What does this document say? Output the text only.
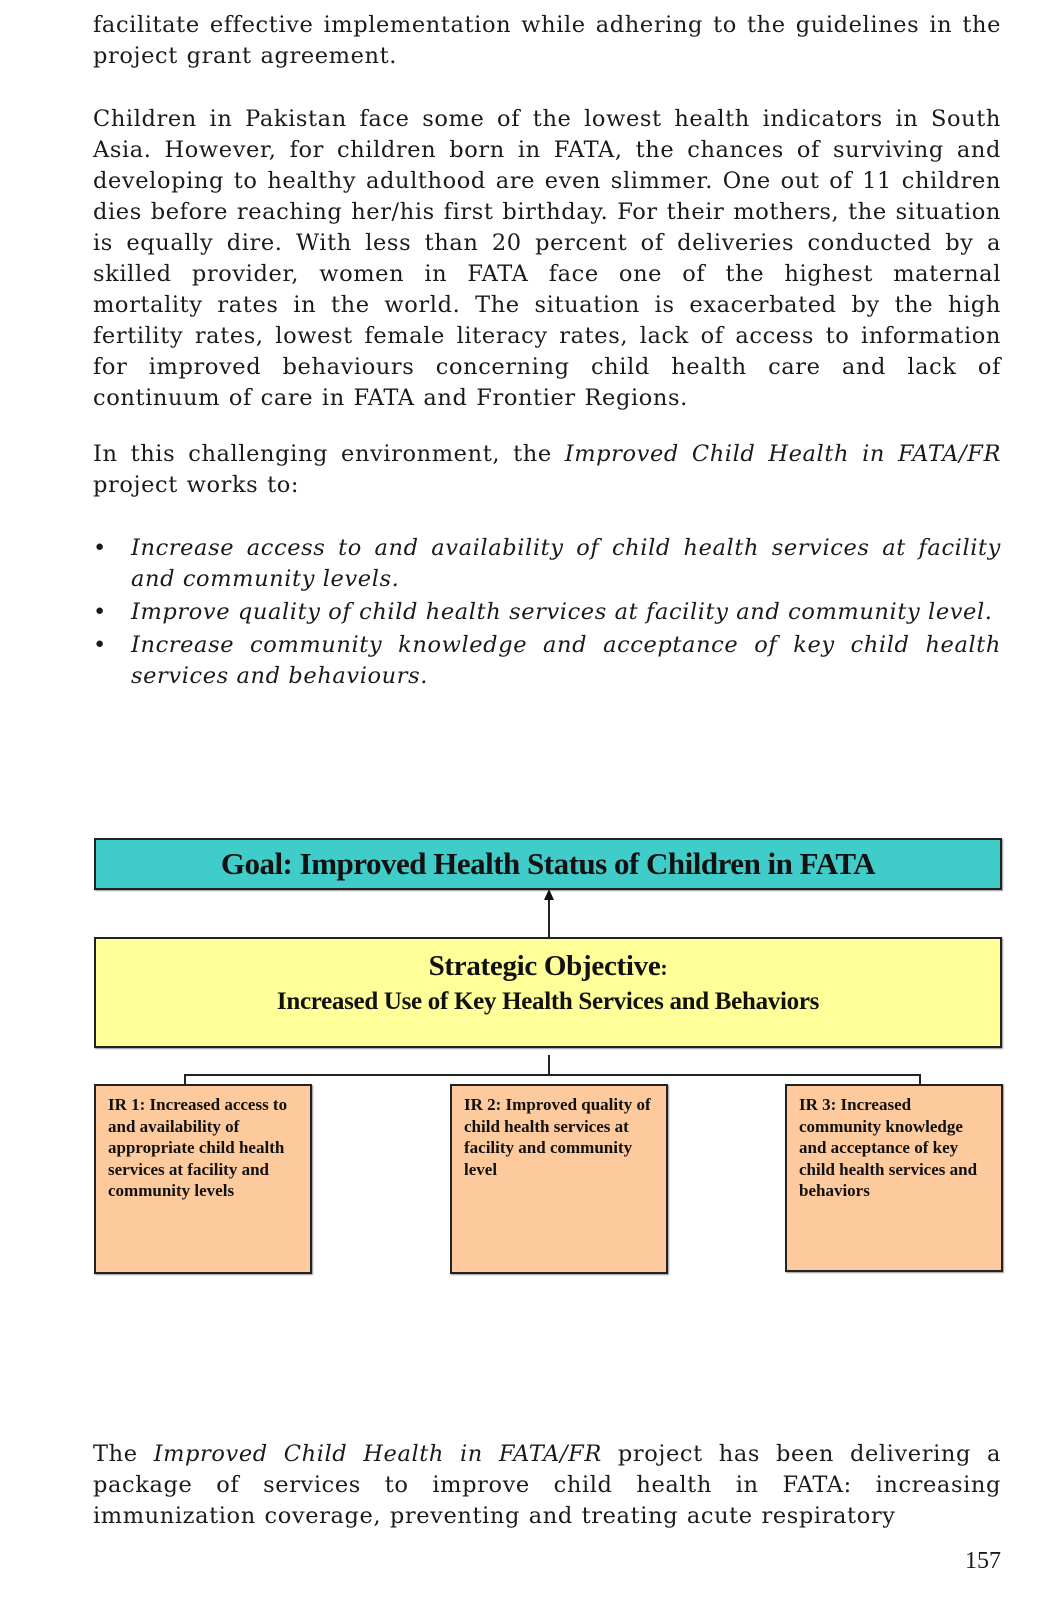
facilitate effective implementation while adhering to the guidelines in the project grant agreement.

Children in Pakistan face some of the lowest health indicators in South Asia. However, for children born in FATA, the chances of surviving and developing to healthy adulthood are even slimmer. One out of 11 children dies before reaching her/his first birthday. For their mothers, the situation is equally dire. With less than 20 percent of deliveries conducted by a skilled provider, women in FATA face one of the highest maternal mortality rates in the world. The situation is exacerbated by the high fertility rates, lowest female literacy rates, lack of access to information for improved behaviours concerning child health care and lack of continuum of care in FATA and Frontier Regions.

In this challenging environment, the Improved Child Health in FATA/FR project works to:

• Increase access to and availability of child health services at facility and community levels.
• Improve quality of child health services at facility and community level.
• Increase community knowledge and acceptance of key child health services and behaviours.
Goal: Improved Health Status of Children in FATA
Strategic Objective:
Increased Use of Key Health Services and Behaviors
IR 1: Increased access to and availability of appropriate child health services at facility and community levels
IR 2: Improved quality of child health services at facility and community level
IR 3: Increased community knowledge and acceptance of key child health services and behaviors

The Improved Child Health in FATA/FR project has been delivering a package of services to improve child health in FATA: increasing immunization coverage, preventing and treating acute respiratory

157
